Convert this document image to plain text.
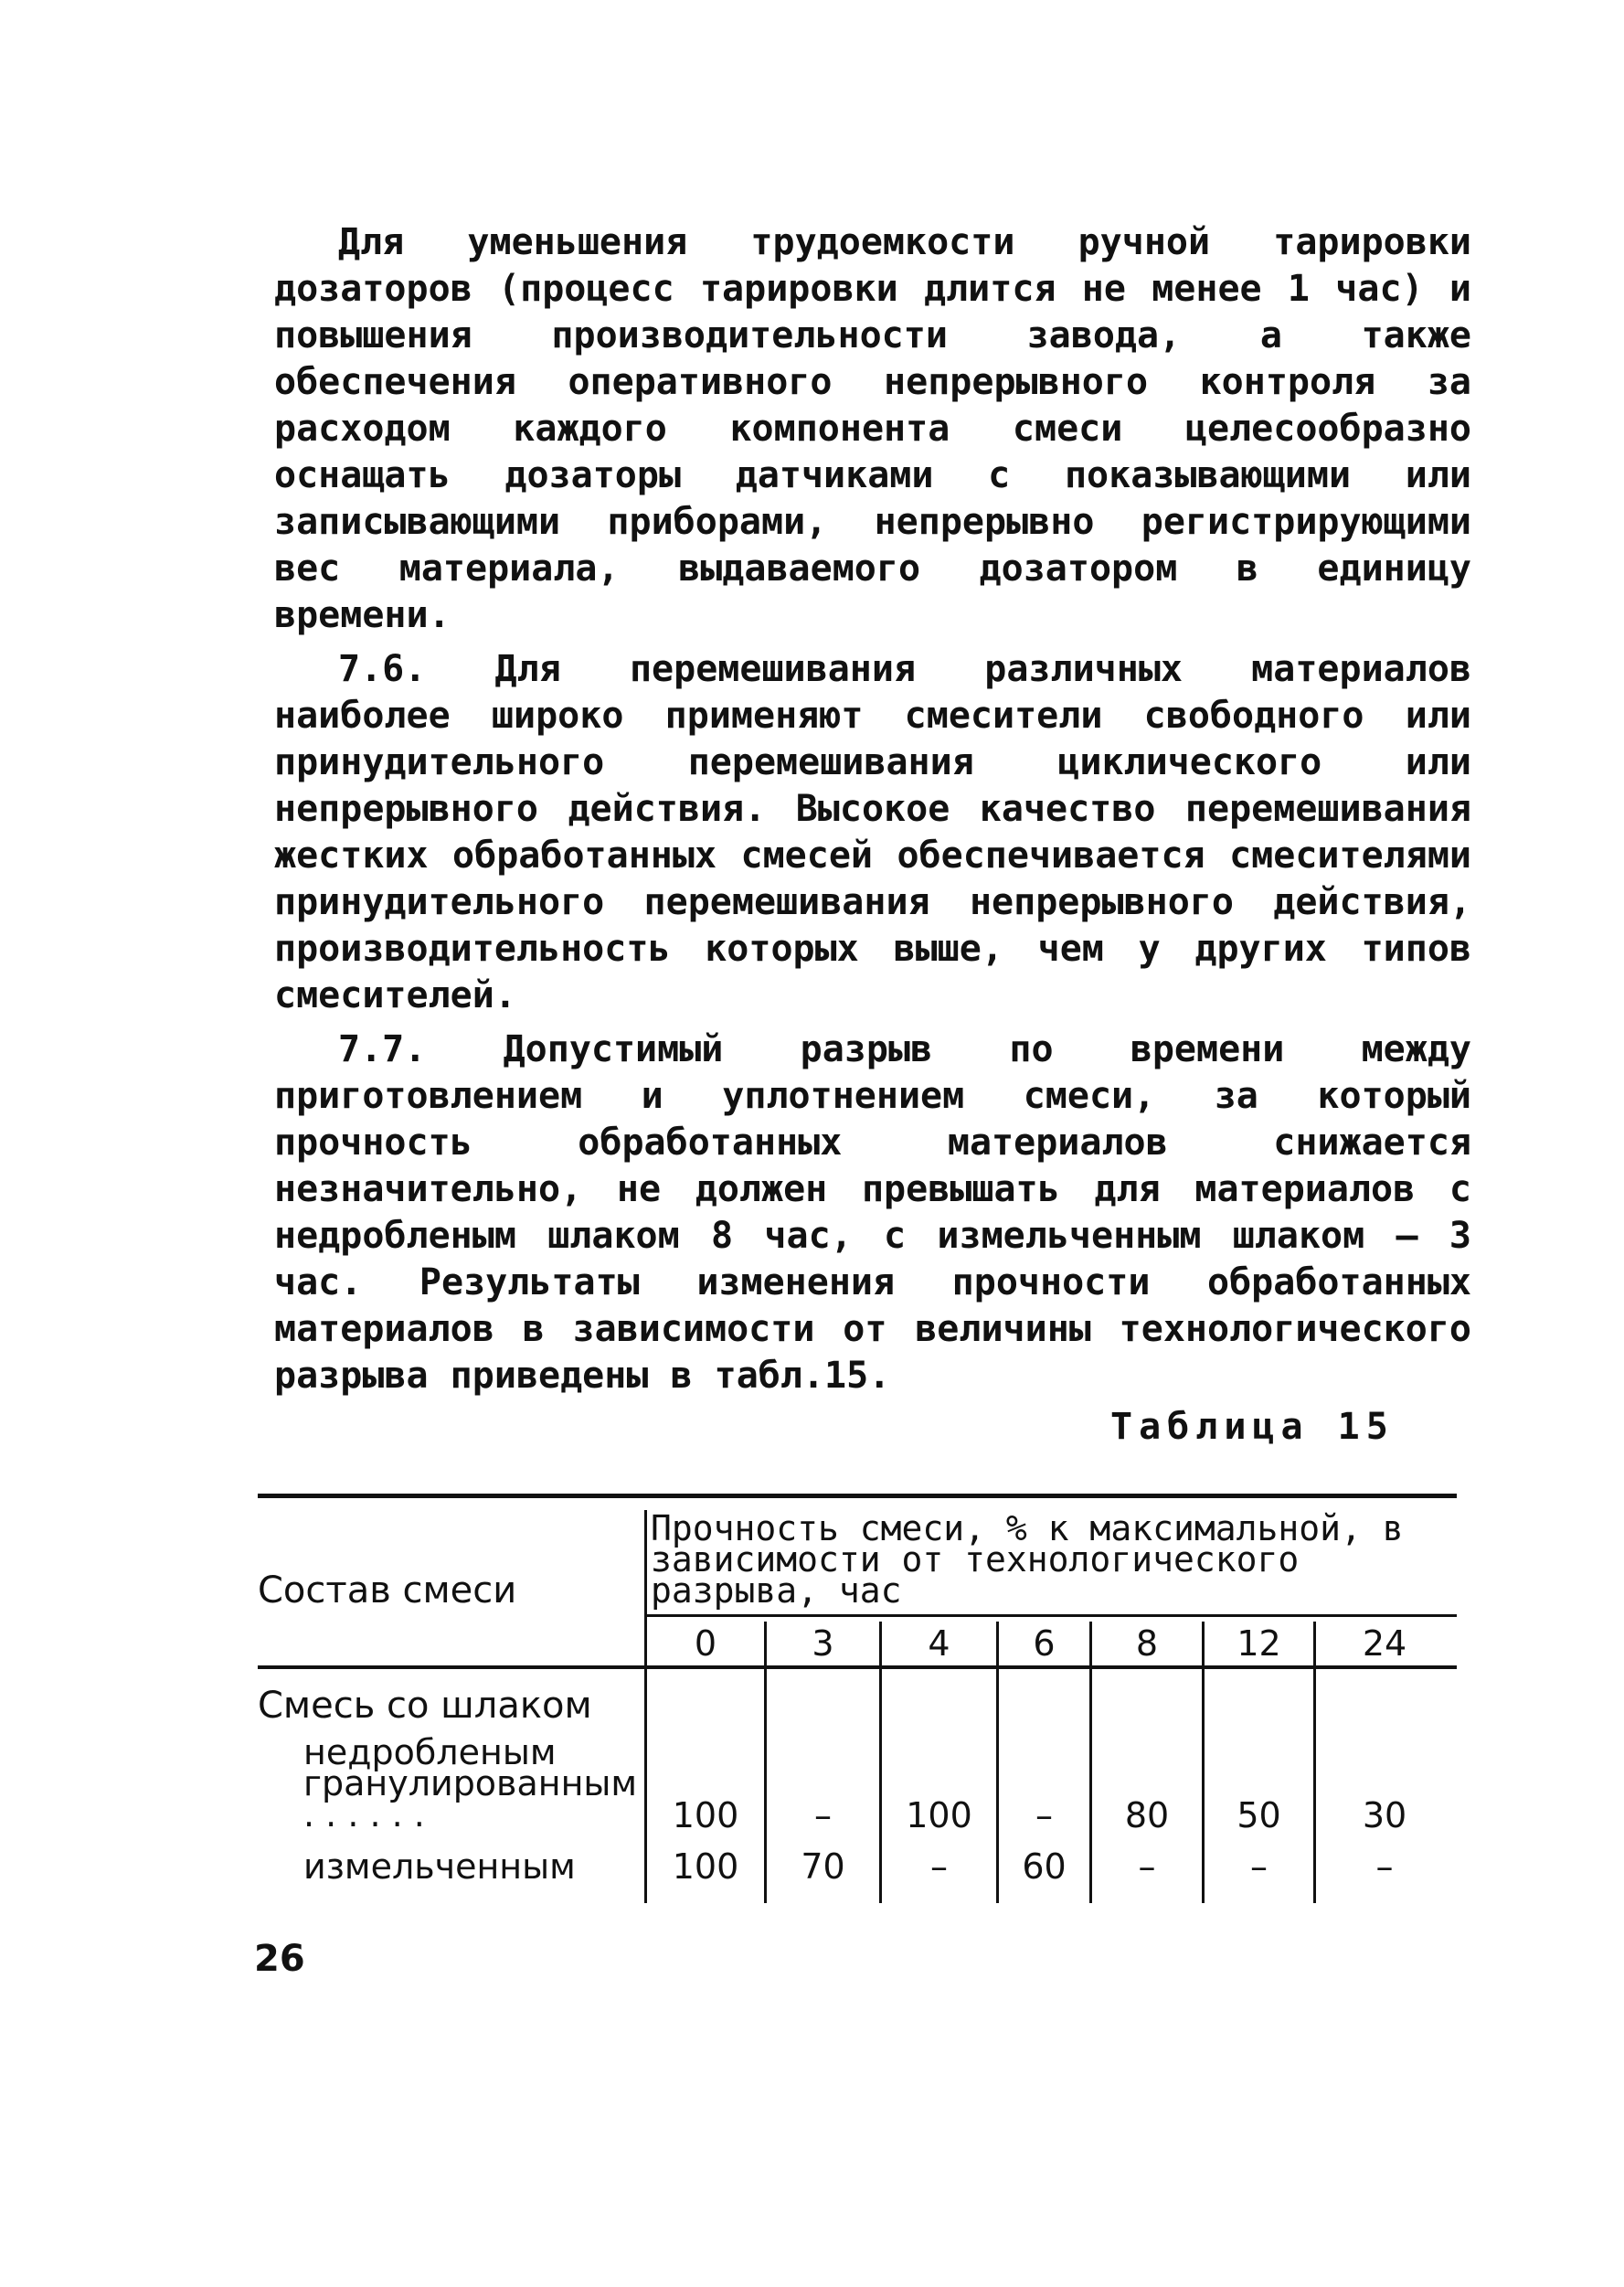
Для уменьшения трудоемкости ручной тарировки дозаторов (процесс тарировки длится не менее 1 час) и повышения производительности завода, а также обеспечения оперативного непрерывного контроля за расходом каждого компонента смеси целесообразно оснащать дозаторы датчиками с показывающими или записывающими приборами, непрерывно регистрирующими вес материала, выдаваемого дозатором в единицу времени.

7.6. Для перемешивания различных материалов наиболее широко применяют смесители свободного или принудительного перемешивания циклического или непрерывного действия. Высокое качество перемешивания жестких обработанных смесей обеспечивается смесителями принудительного перемешивания непрерывного действия, производительность которых выше, чем у других типов смесителей.

7.7. Допустимый разрыв по времени между приготовлением и уплотнением смеси, за который прочность обработанных материалов снижается незначительно, не должен превышать для материалов с недробленым шлаком 8 час, с измельченным шлаком – 3 час. Результаты изменения прочности обработанных материалов в зависимости от величины технологического разрыва приведены в табл.15.

Таблица 15
Состав смеси
Прочность смеси, % к максимальной, в зависимости от технологического разрыва, час
0	3	4	6	8	12	24
Смесь со шлаком
недробленым гранулированным . . . . . .	100	–	100	–	80	50	30
измельченным	100	70	–	60	–	–	–
26
